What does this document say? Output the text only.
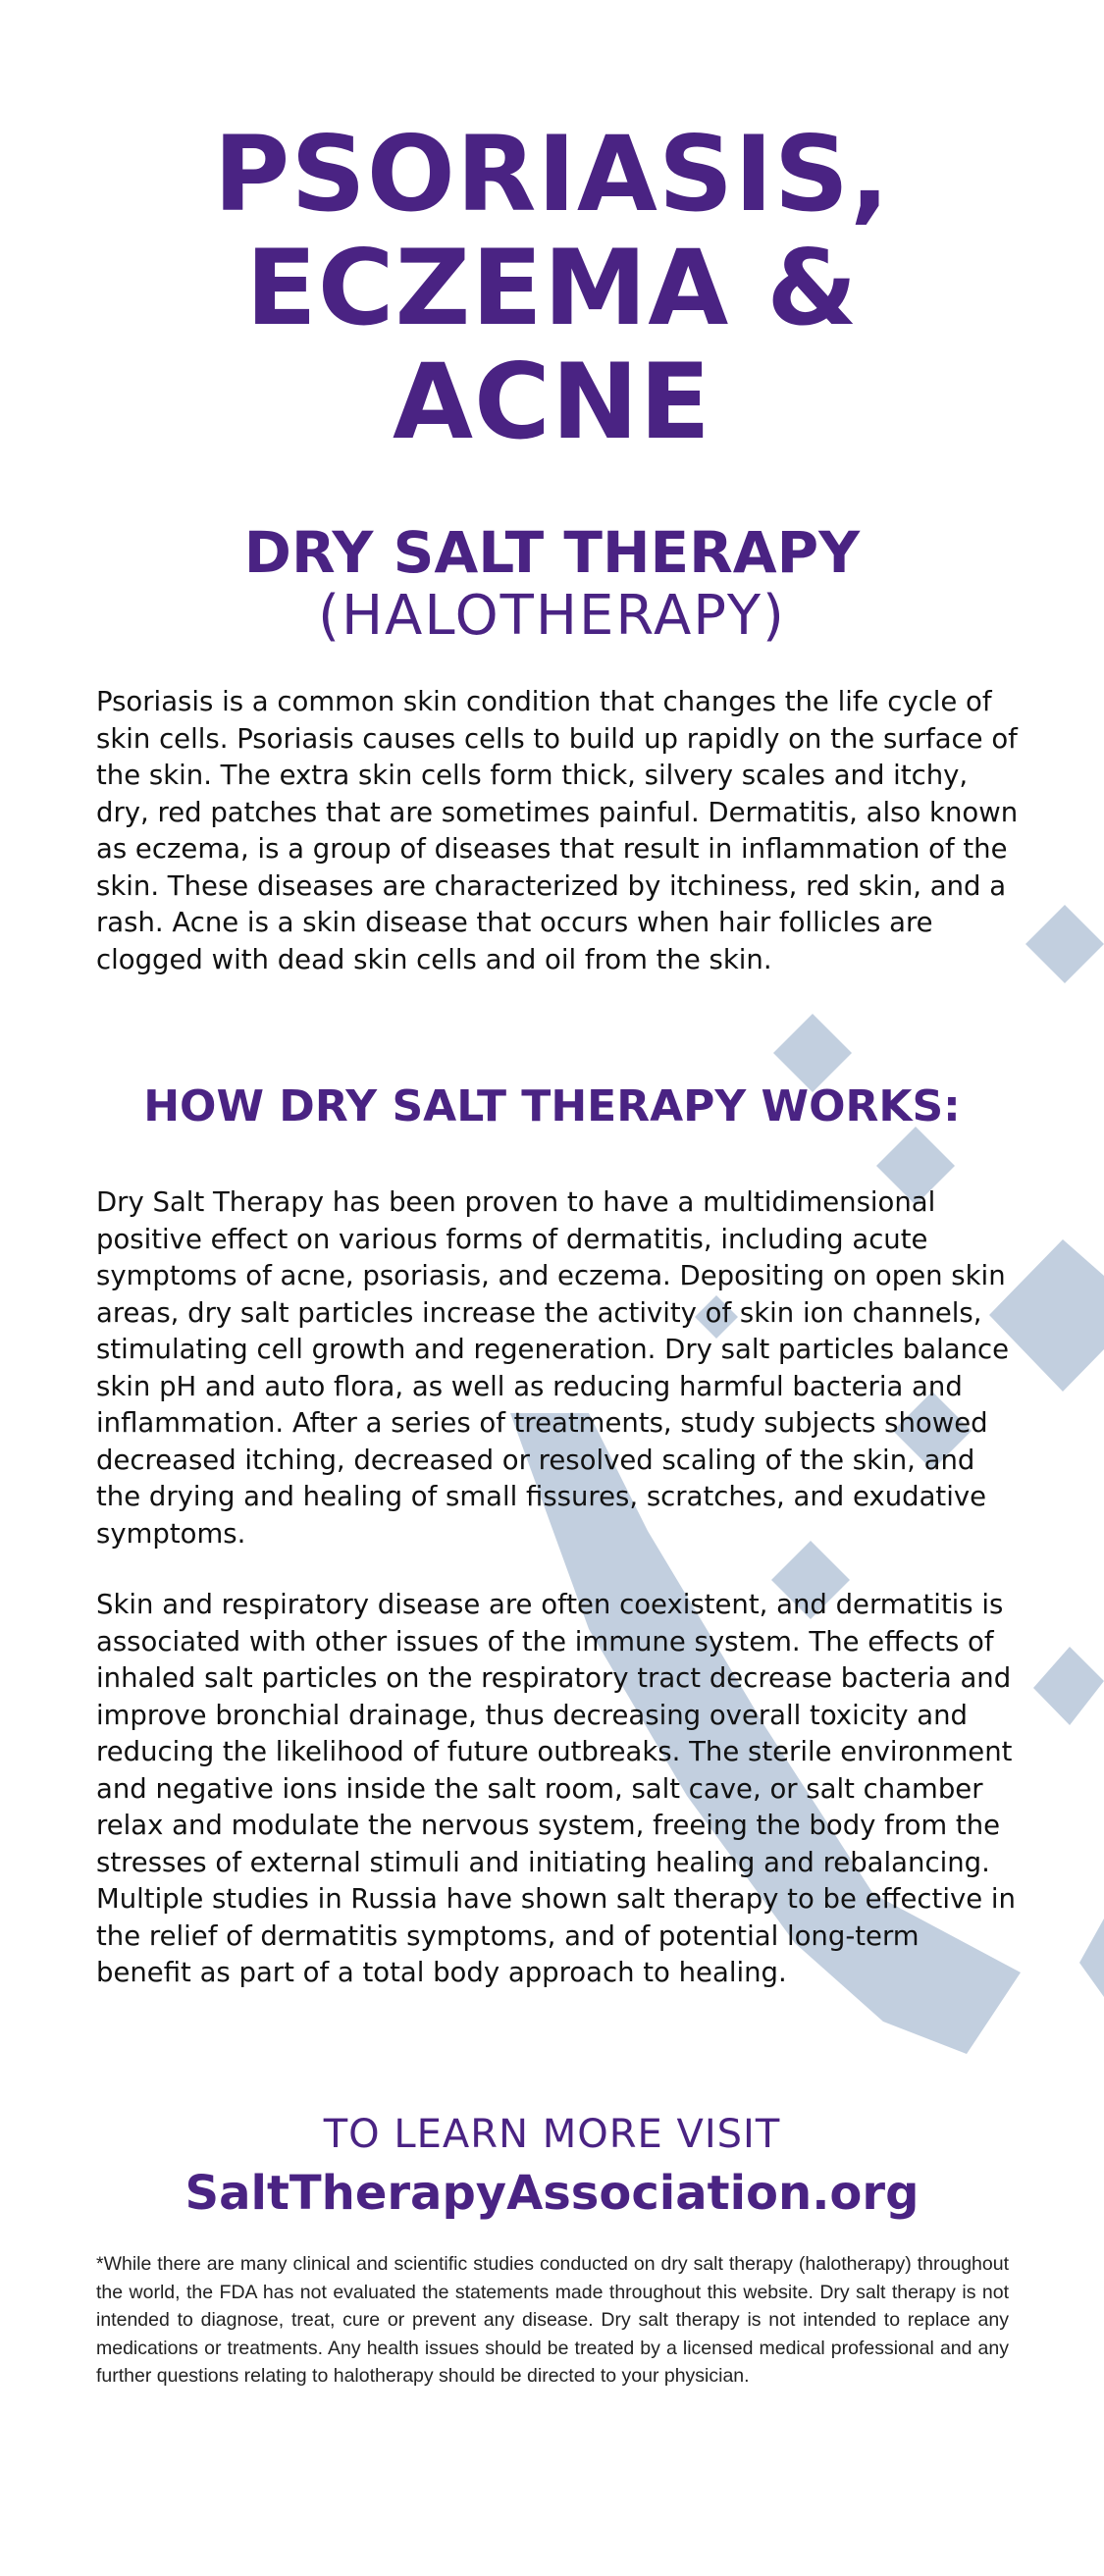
PSORIASIS,
ECZEMA &
ACNE
DRY SALT THERAPY
(HALOTHERAPY)

Psoriasis is a common skin condition that changes the life cycle of skin cells. Psoriasis causes cells to build up rapidly on the surface of the skin. The extra skin cells form thick, silvery scales and itchy, dry, red patches that are sometimes painful. Dermatitis, also known as eczema, is a group of diseases that result in inflammation of the skin. These diseases are characterized by itchiness, red skin, and a rash. Acne is a skin disease that occurs when hair follicles are clogged with dead skin cells and oil from the skin.

HOW DRY SALT THERAPY WORKS:

Dry Salt Therapy has been proven to have a multidimensional positive effect on various forms of dermatitis, including acute symptoms of acne, psoriasis, and eczema. Depositing on open skin areas, dry salt particles increase the activity of skin ion channels, stimulating cell growth and regeneration. Dry salt particles balance skin pH and auto flora, as well as reducing harmful bacteria and inflammation. After a series of treatments, study subjects showed decreased itching, decreased or resolved scaling of the skin, and the drying and healing of small fissures, scratches, and exudative symptoms.

Skin and respiratory disease are often coexistent, and dermatitis is associated with other issues of the immune system. The effects of inhaled salt particles on the respiratory tract decrease bacteria and improve bronchial drainage, thus decreasing overall toxicity and reducing the likelihood of future outbreaks. The sterile environment and negative ions inside the salt room, salt cave, or salt chamber relax and modulate the nervous system, freeing the body from the stresses of external stimuli and initiating healing and rebalancing. Multiple studies in Russia have shown salt therapy to be effective in the relief of dermatitis symptoms, and of potential long-term benefit as part of a total body approach to healing.

TO LEARN MORE VISIT

SaltTherapyAssociation.org

*While there are many clinical and scientific studies conducted on dry salt therapy (halotherapy) throughout the world, the FDA has not evaluated the statements made throughout this website. Dry salt therapy is not intended to diagnose, treat, cure or prevent any disease. Dry salt therapy is not intended to replace any medications or treatments. Any health issues should be treated by a licensed medical professional and any further questions relating to halotherapy should be directed to your physician.
